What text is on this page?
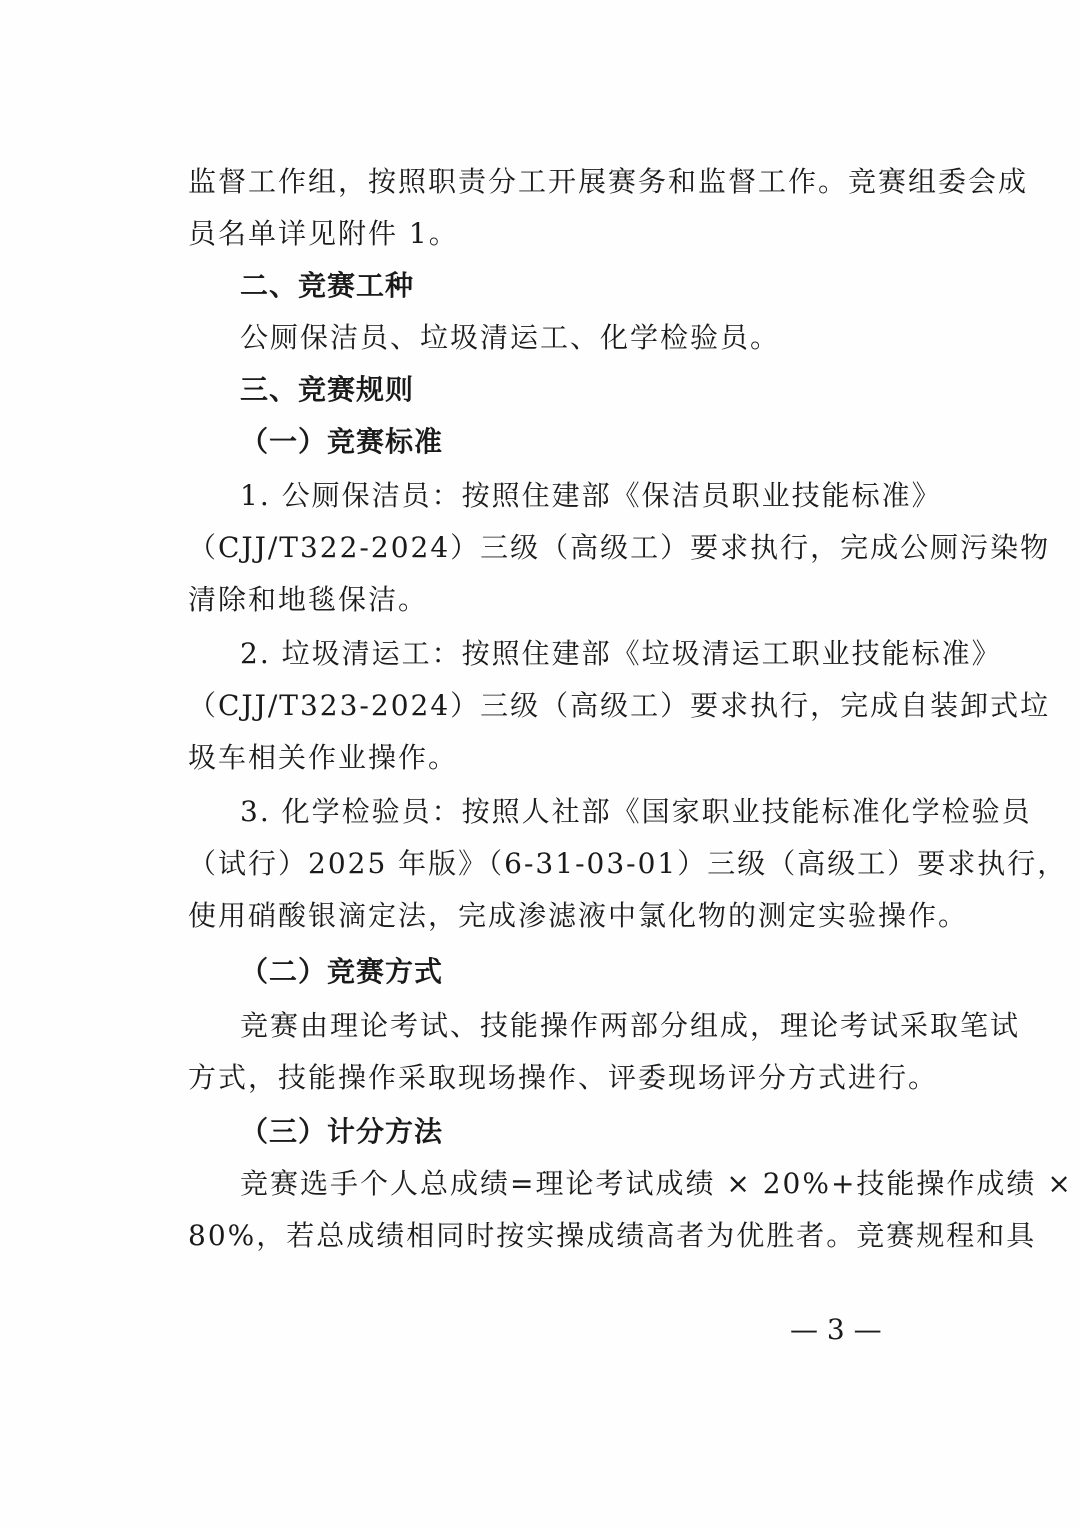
监督工作组，按照职责分工开展赛务和监督工作。竞赛组委会成
员名单详见附件 1。
二、竞赛工种
公厕保洁员、垃圾清运工、化学检验员。
三、竞赛规则
（一）竞赛标准
1. 公厕保洁员：按照住建部《保洁员职业技能标准》
（CJJ/T322-2024）三级（高级工）要求执行，完成公厕污染物
清除和地毯保洁。
2. 垃圾清运工：按照住建部《垃圾清运工职业技能标准》
（CJJ/T323-2024）三级（高级工）要求执行，完成自装卸式垃
圾车相关作业操作。
3. 化学检验员：按照人社部《国家职业技能标准化学检验员
（试行）2025 年版》（6-31-03-01）三级（高级工）要求执行，
使用硝酸银滴定法，完成渗滤液中氯化物的测定实验操作。
（二）竞赛方式
竞赛由理论考试、技能操作两部分组成，理论考试采取笔试
方式，技能操作采取现场操作、评委现场评分方式进行。
（三）计分方法
竞赛选手个人总成绩=理论考试成绩 × 20%+技能操作成绩 ×
80%，若总成绩相同时按实操成绩高者为优胜者。竞赛规程和具
— 3 —
